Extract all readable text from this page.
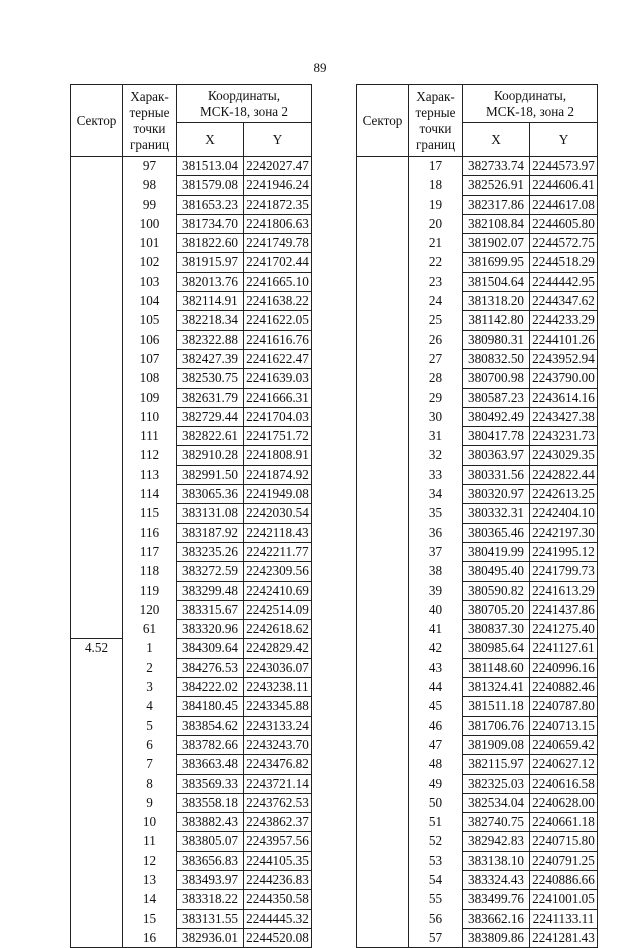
89
Сектор	Харак-
терные
точки
границ	Координаты,
МСК-18, зона 2	
		X	Y
	97	381513.04	2242027.47
	98	381579.08	2241946.24
	99	381653.23	2241872.35
	100	381734.70	2241806.63
	101	381822.60	2241749.78
	102	381915.97	2241702.44
	103	382013.76	2241665.10
	104	382114.91	2241638.22
	105	382218.34	2241622.05
	106	382322.88	2241616.76
	107	382427.39	2241622.47
	108	382530.75	2241639.03
	109	382631.79	2241666.31
	110	382729.44	2241704.03
	111	382822.61	2241751.72
	112	382910.28	2241808.91
	113	382991.50	2241874.92
	114	383065.36	2241949.08
	115	383131.08	2242030.54
	116	383187.92	2242118.43
	117	383235.26	2242211.77
	118	383272.59	2242309.56
	119	383299.48	2242410.69
	120	383315.67	2242514.09
	61	383320.96	2242618.62
4.52	1	384309.64	2242829.42
	2	384276.53	2243036.07
	3	384222.02	2243238.11
	4	384180.45	2243345.88
	5	383854.62	2243133.24
	6	383782.66	2243243.70
	7	383663.48	2243476.82
	8	383569.33	2243721.14
	9	383558.18	2243762.53
	10	383882.43	2243862.37
	11	383805.07	2243957.56
	12	383656.83	2244105.35
	13	383493.97	2244236.83
	14	383318.22	2244350.58
	15	383131.55	2244445.32
	16	382936.01	2244520.08
Сектор	Харак-
терные
точки
границ	Координаты,
МСК-18, зона 2	
		X	Y
	17	382733.74	2244573.97
	18	382526.91	2244606.41
	19	382317.86	2244617.08
	20	382108.84	2244605.80
	21	381902.07	2244572.75
	22	381699.95	2244518.29
	23	381504.64	2244442.95
	24	381318.20	2244347.62
	25	381142.80	2244233.29
	26	380980.31	2244101.26
	27	380832.50	2243952.94
	28	380700.98	2243790.00
	29	380587.23	2243614.16
	30	380492.49	2243427.38
	31	380417.78	2243231.73
	32	380363.97	2243029.35
	33	380331.56	2242822.44
	34	380320.97	2242613.25
	35	380332.31	2242404.10
	36	380365.46	2242197.30
	37	380419.99	2241995.12
	38	380495.40	2241799.73
	39	380590.82	2241613.29
	40	380705.20	2241437.86
	41	380837.30	2241275.40
	42	380985.64	2241127.61
	43	381148.60	2240996.16
	44	381324.41	2240882.46
	45	381511.18	2240787.80
	46	381706.76	2240713.15
	47	381909.08	2240659.42
	48	382115.97	2240627.12
	49	382325.03	2240616.58
	50	382534.04	2240628.00
	51	382740.75	2240661.18
	52	382942.83	2240715.80
	53	383138.10	2240791.25
	54	383324.43	2240886.66
	55	383499.76	2241001.05
	56	383662.16	2241133.11
	57	383809.86	2241281.43
